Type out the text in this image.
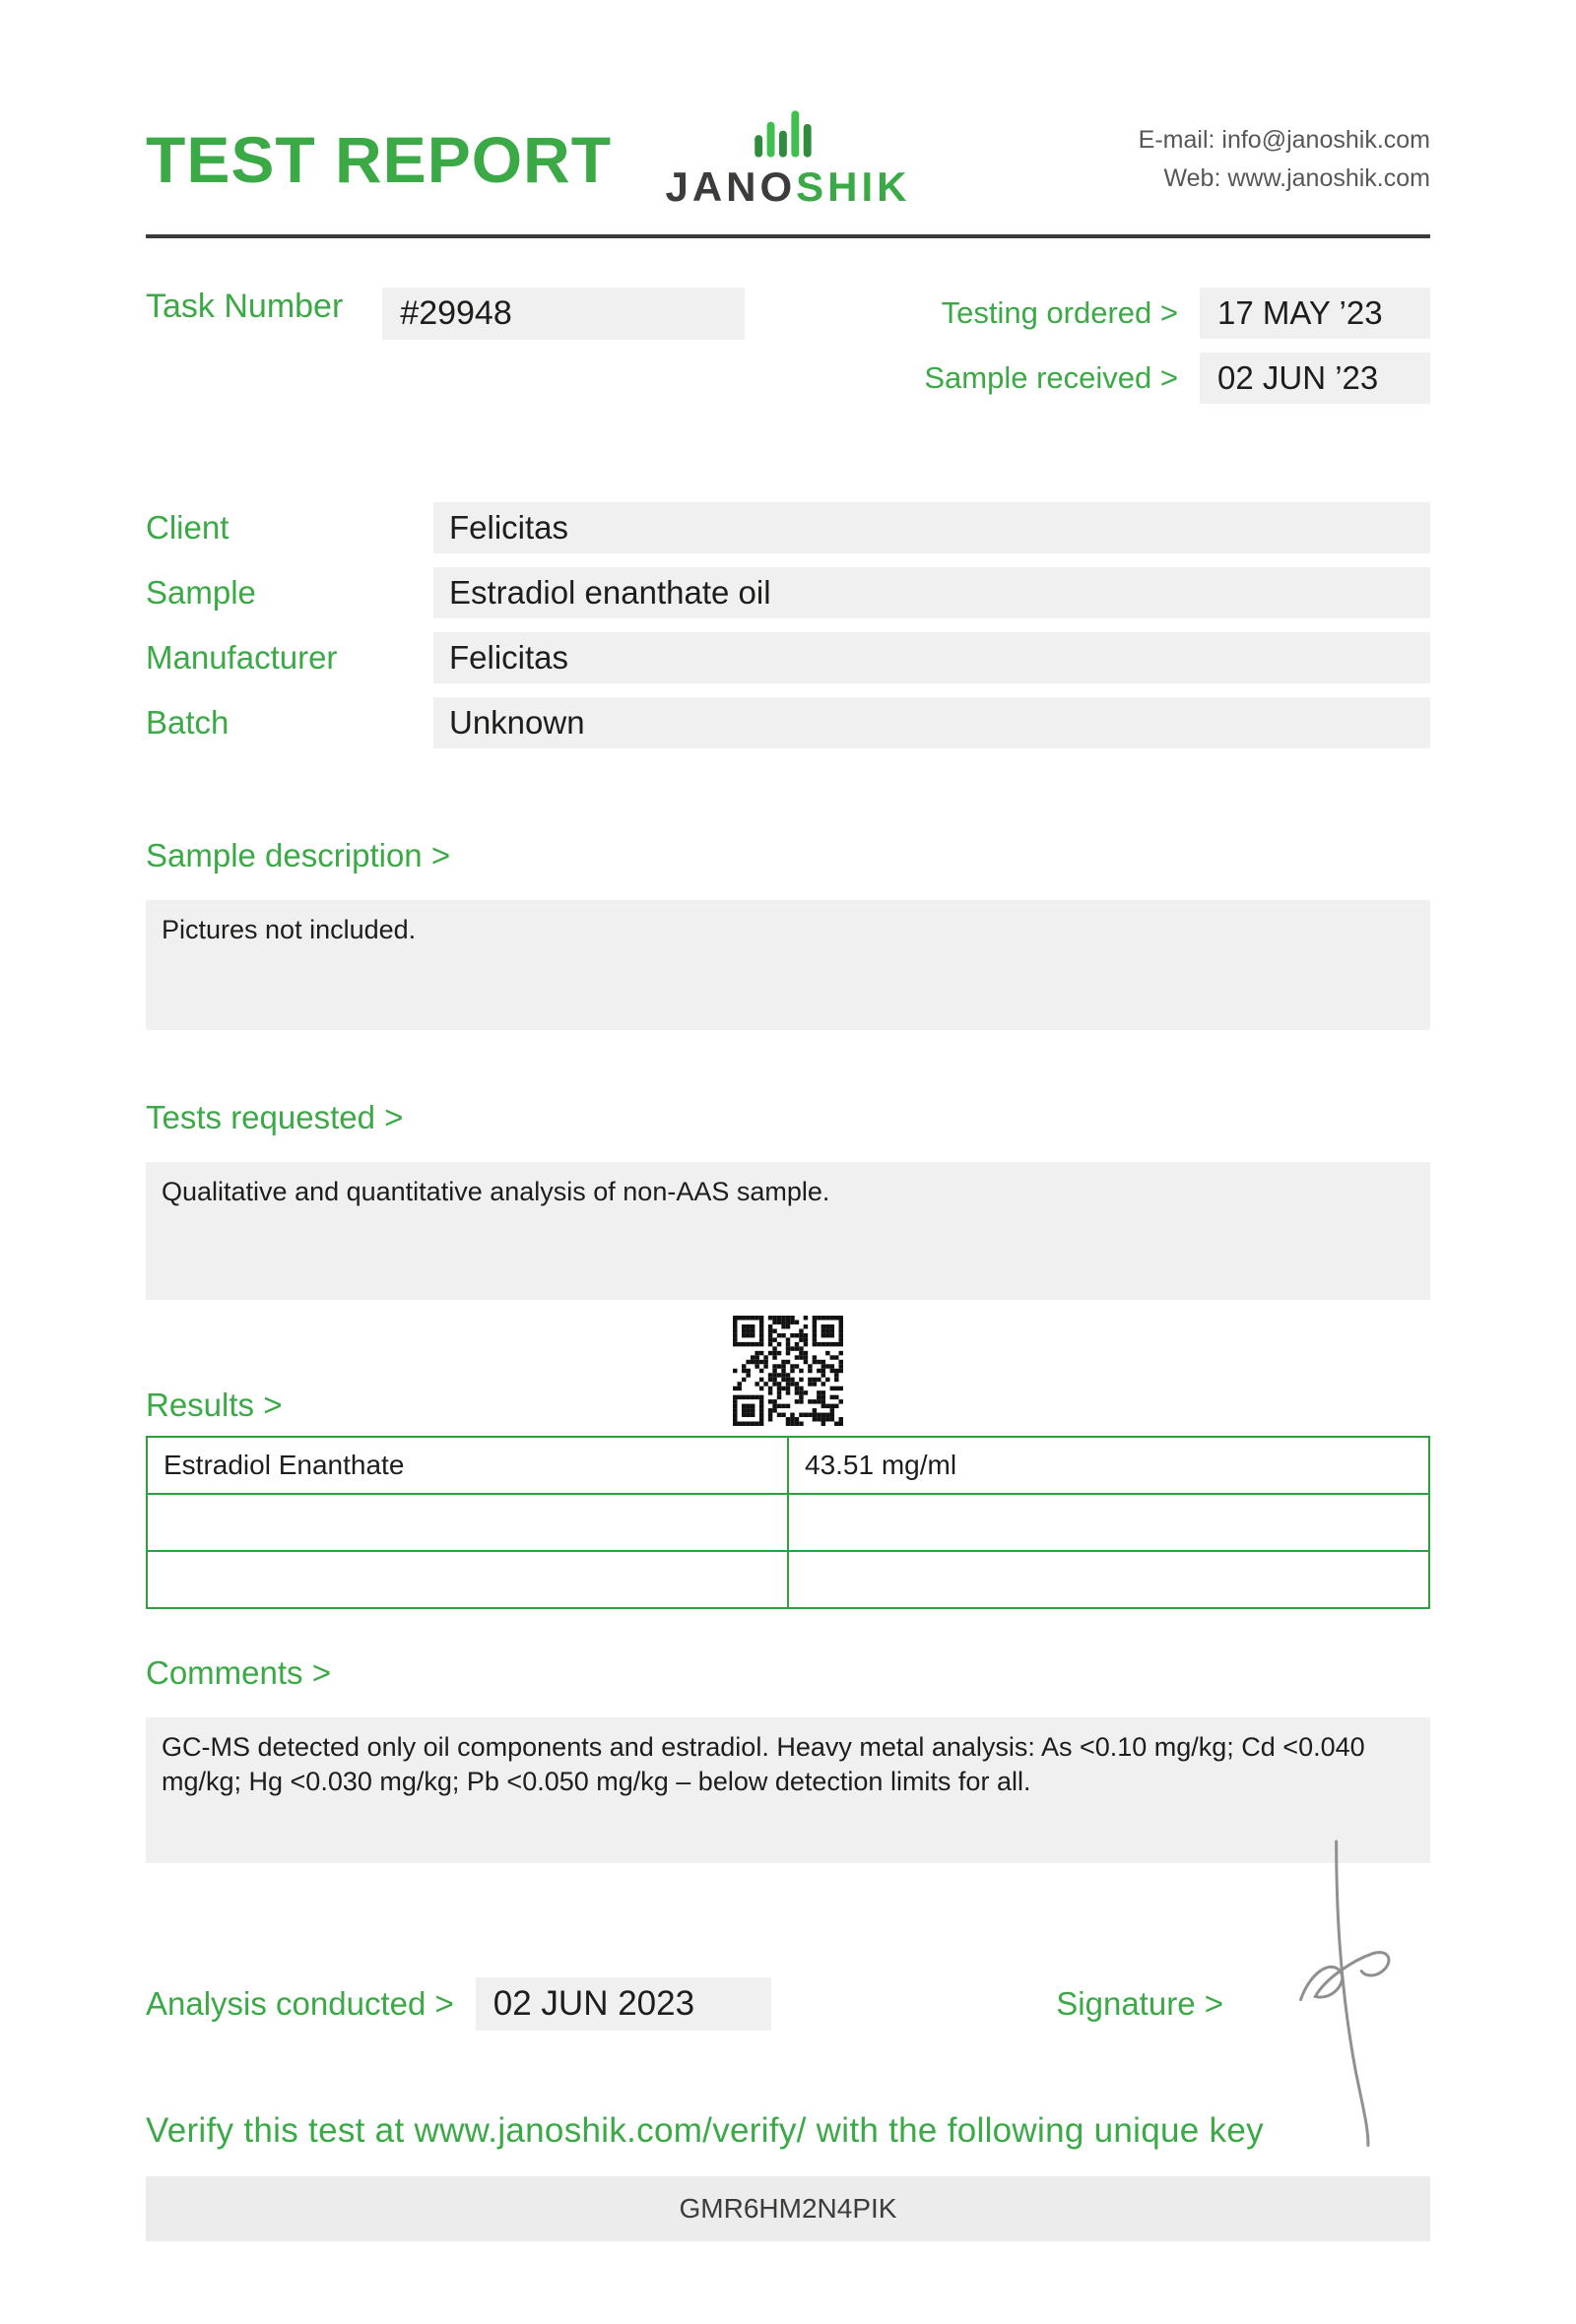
TEST REPORT	JANOSHIK
E-mail: info@janoshik.com
Web: www.janoshik.com
Task Number	#29948	Testing ordered >	17 MAY ’23
Sample received >	02 JUN ’23
Client	Felicitas
Sample	Estradiol enanthate oil
Manufacturer	Felicitas
Batch	Unknown
Sample description >
Pictures not included.
Tests requested >
Qualitative and quantitative analysis of non-AAS sample.
Results >
Estradiol Enanthate	43.51 mg/ml

Comments >
GC-MS detected only oil components and estradiol. Heavy metal analysis: As <0.10 mg/kg; Cd <0.040 mg/kg; Hg <0.030 mg/kg; Pb <0.050 mg/kg – below detection limits for all.
Analysis conducted >	02 JUN 2023	Signature >
Verify this test at www.janoshik.com/verify/ with the following unique key
GMR6HM2N4PIK
